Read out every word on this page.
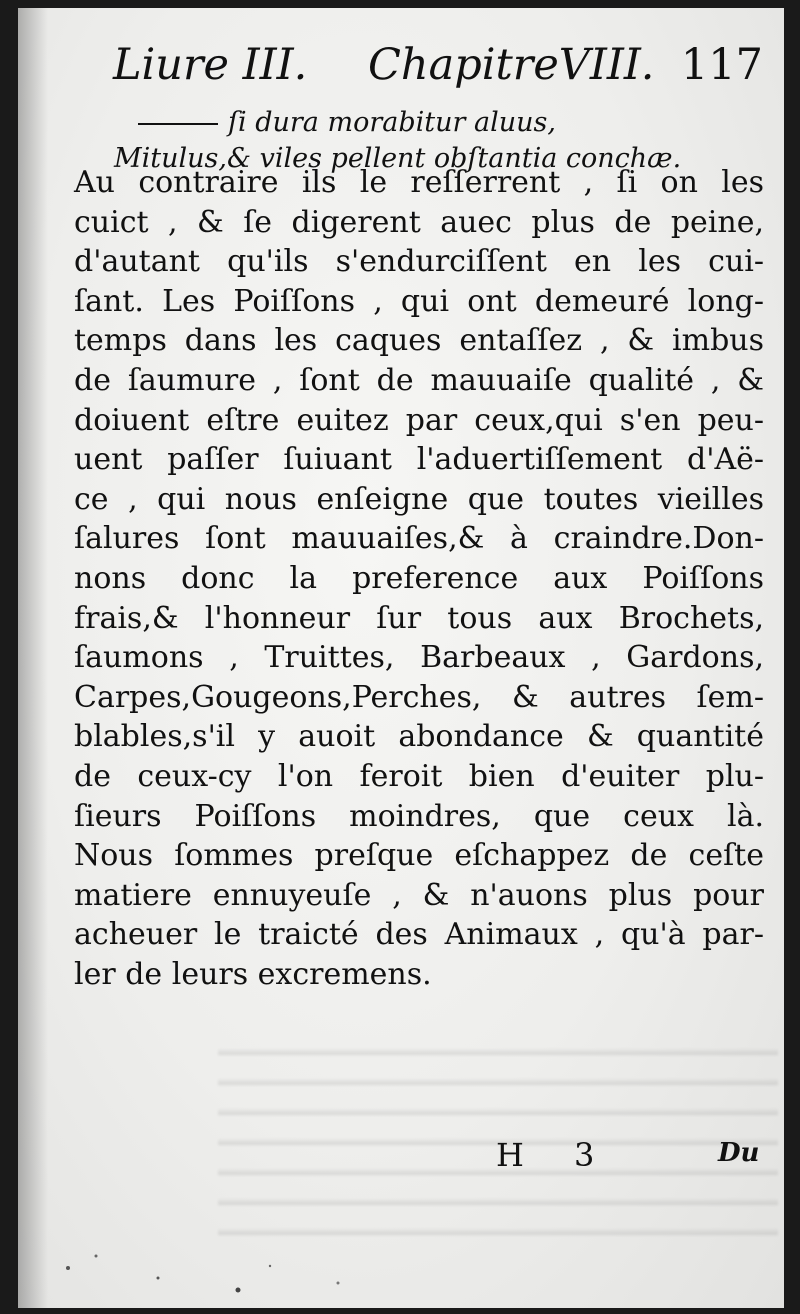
Liure III. ChapitreVIII. 117
ſi dura morabitur aluus,
Mitulus,& viles pellent obſtantia conchæ.
Au contraire ils le reſſerrent , ſi on les
cuict , & ſe digerent auec plus de peine,
d'autant qu'ils s'endurciſſent en les cui-
ſant. Les Poiſſons , qui ont demeuré long-
temps dans les caques entaſſez , & imbus
de ſaumure , ſont de mauuaiſe qualité , &
doiuent eſtre euitez par ceux,qui s'en peu-
uent paſſer ſuiuant l'aduertiſſement d'Aë-
ce , qui nous enſeigne que toutes vieilles
ſalures ſont mauuaiſes,& à craindre.Don-
nons donc la preference aux Poiſſons
frais,& l'honneur ſur tous aux Brochets,
ſaumons , Truittes, Barbeaux , Gardons,
Carpes,Gougeons,Perches, & autres ſem-
blables,s'il y auoit abondance & quantité
de ceux-cy l'on feroit bien d'euiter plu-
ſieurs Poiſſons moindres, que ceux là.
Nous ſommes preſque eſchappez de ceſte
matiere ennuyeuſe , & n'auons plus pour
acheuer le traicté des Animaux , qu'à par-
ler de leurs excremens.
H 3	Du
